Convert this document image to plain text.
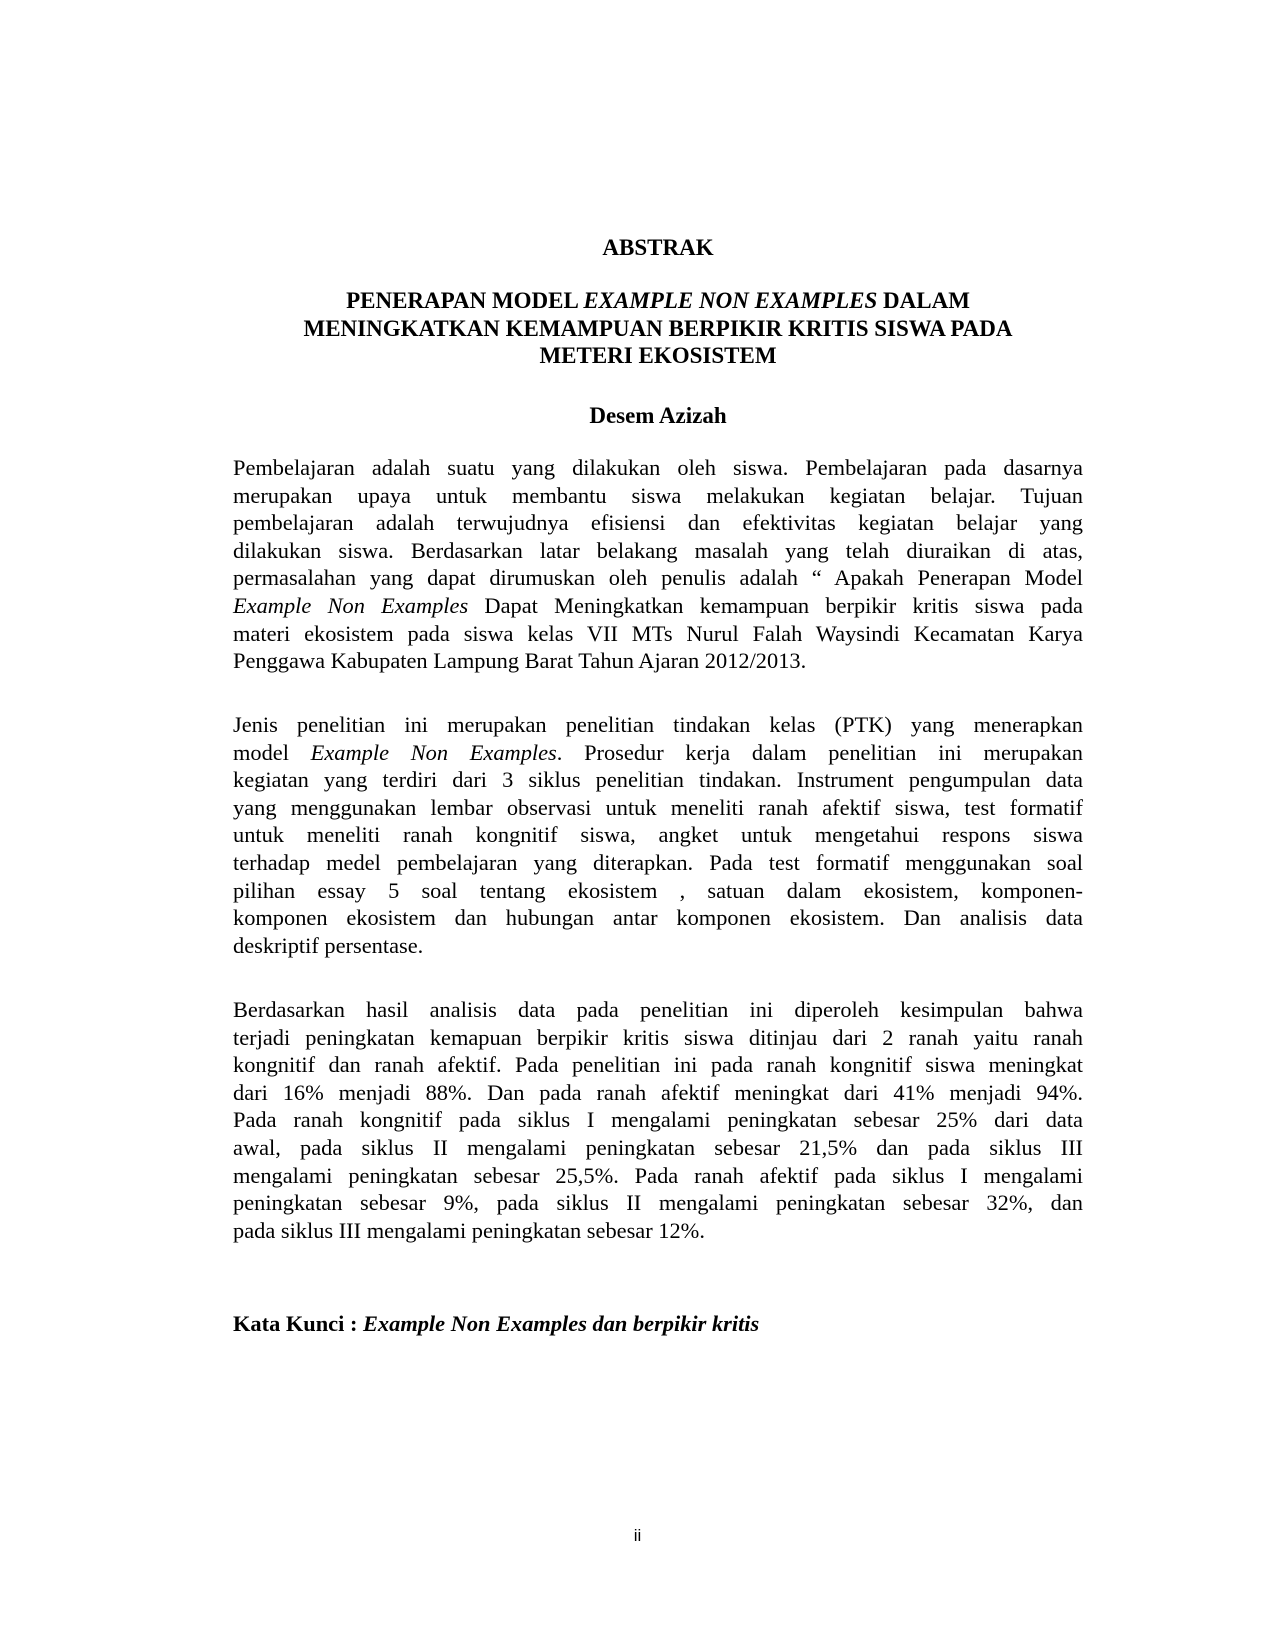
ABSTRAK
PENERAPAN MODEL EXAMPLE NON EXAMPLES DALAM
MENINGKATKAN KEMAMPUAN BERPIKIR KRITIS SISWA PADA
METERI EKOSISTEM
Desem Azizah
Pembelajaran adalah suatu yang dilakukan oleh siswa. Pembelajaran pada dasarnya
merupakan upaya untuk membantu siswa melakukan kegiatan belajar. Tujuan
pembelajaran adalah terwujudnya efisiensi dan efektivitas kegiatan belajar yang
dilakukan siswa. Berdasarkan latar belakang masalah yang telah diuraikan di atas,
permasalahan yang dapat dirumuskan oleh penulis adalah “ Apakah Penerapan Model
Example Non Examples Dapat Meningkatkan kemampuan berpikir kritis siswa pada
materi ekosistem pada siswa kelas VII MTs Nurul Falah Waysindi Kecamatan Karya
Penggawa Kabupaten Lampung Barat Tahun Ajaran 2012/2013.
Jenis penelitian ini merupakan penelitian tindakan kelas (PTK) yang menerapkan
model Example Non Examples. Prosedur kerja dalam penelitian ini merupakan
kegiatan yang terdiri dari 3 siklus penelitian tindakan. Instrument pengumpulan data
yang menggunakan lembar observasi untuk meneliti ranah afektif siswa, test formatif
untuk meneliti ranah kongnitif siswa, angket untuk mengetahui respons siswa
terhadap medel pembelajaran yang diterapkan. Pada test formatif menggunakan soal
pilihan essay 5 soal tentang ekosistem , satuan dalam ekosistem, komponen-
komponen ekosistem dan hubungan antar komponen ekosistem. Dan analisis data
deskriptif persentase.
Berdasarkan hasil analisis data pada penelitian ini diperoleh kesimpulan bahwa
terjadi peningkatan kemapuan berpikir kritis siswa ditinjau dari 2 ranah yaitu ranah
kongnitif dan ranah afektif. Pada penelitian ini pada ranah kongnitif siswa meningkat
dari 16% menjadi 88%. Dan pada ranah afektif meningkat dari 41% menjadi 94%.
Pada ranah kongnitif pada siklus I mengalami peningkatan sebesar 25% dari data
awal, pada siklus II mengalami peningkatan sebesar 21,5% dan pada siklus III
mengalami peningkatan sebesar 25,5%. Pada ranah afektif pada siklus I mengalami
peningkatan sebesar 9%, pada siklus II mengalami peningkatan sebesar 32%, dan
pada siklus III mengalami peningkatan sebesar 12%.

Kata Kunci : Example Non Examples dan berpikir kritis

ii
